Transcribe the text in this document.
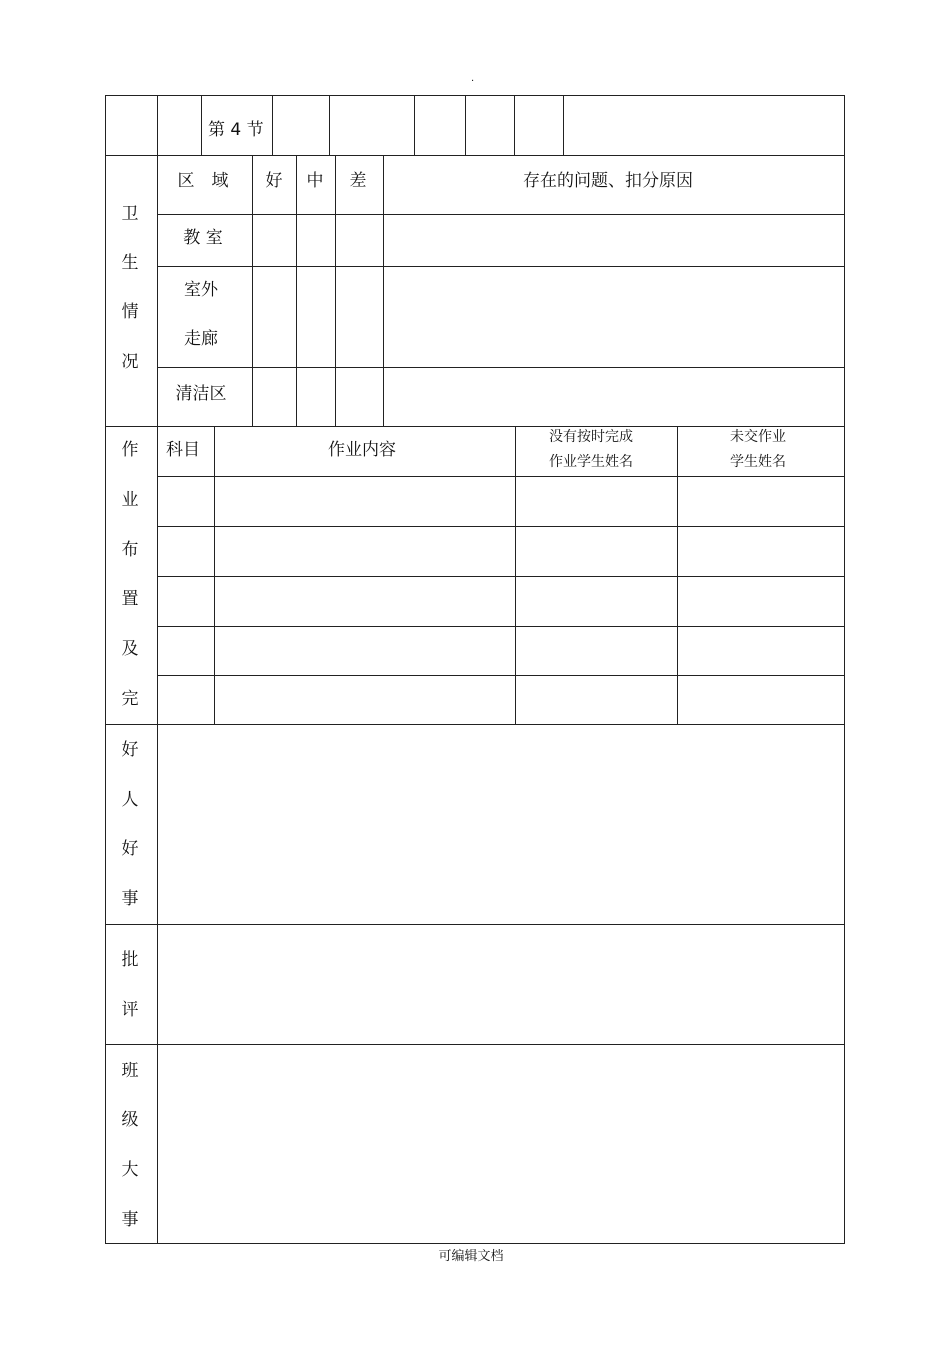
.
第 4 节
卫
生
情
况
区　域 好 中 差	存在的问题、扣分原因
教 室
室外
走廊
清洁区
作
业
布
置
及
完
科目	作业内容
没有按时完成
作业学生姓名
未交作业
学生姓名
好
人
好
事
批
评
班
级
大
事
可编辑文档
